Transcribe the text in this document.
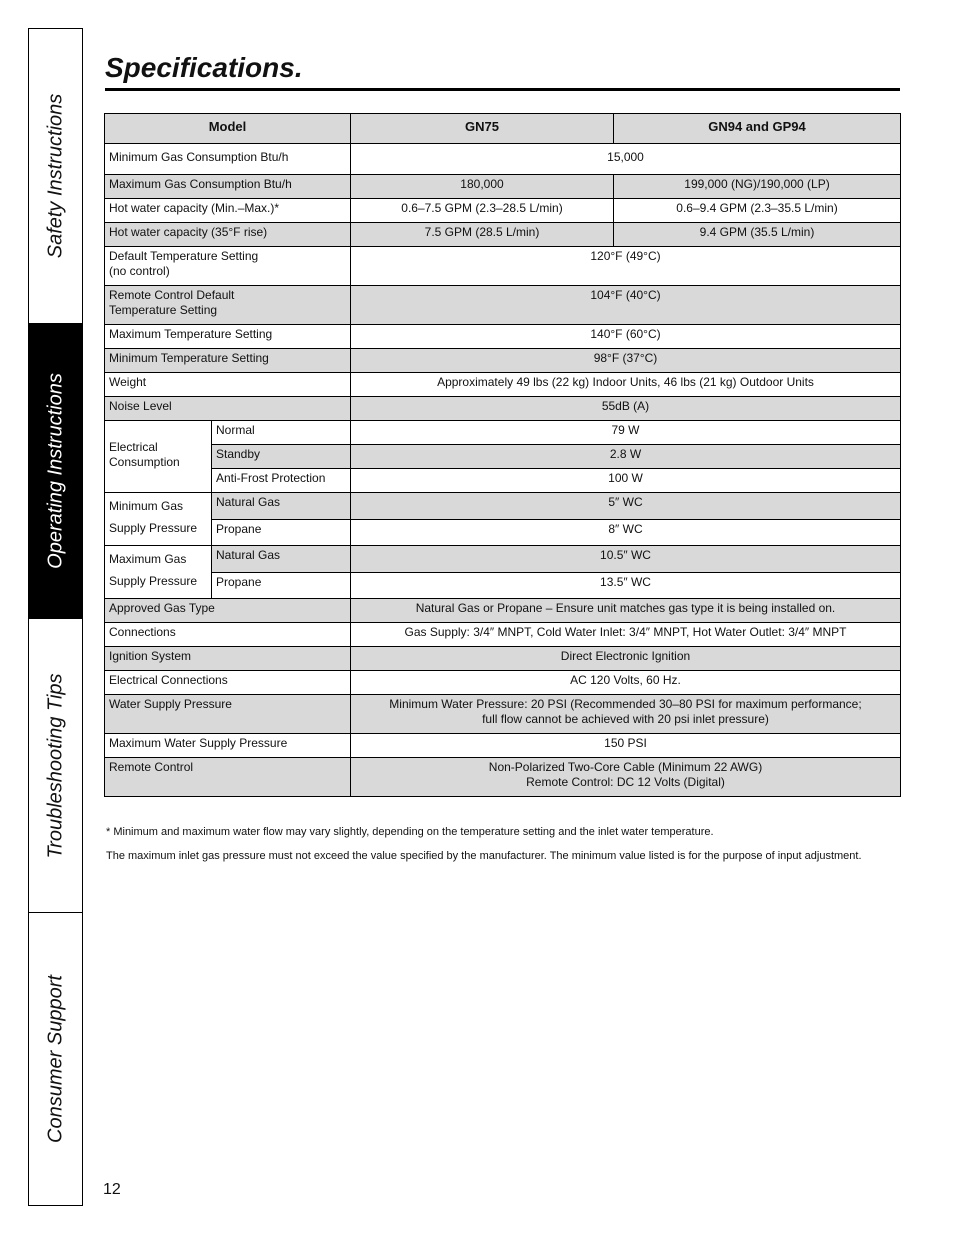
Safety Instructions
Operating Instructions
Troubleshooting Tips
Consumer Support
Specifications.
Model		GN75	GN94 and GP94
Minimum Gas Consumption Btu/h		15,000	
Maximum Gas Consumption Btu/h		180,000	199,000 (NG)/190,000 (LP)
Hot water capacity (Min.–Max.)*		0.6–7.5 GPM (2.3–28.5 L/min)	0.6–9.4 GPM (2.3–35.5 L/min)
Hot water capacity (35°F rise)		7.5 GPM (28.5 L/min)	9.4 GPM (35.5 L/min)
Default Temperature Setting
(no control)		120°F (49°C)	
Remote Control Default
Temperature Setting		104°F (40°C)	
Maximum Temperature Setting		140°F (60°C)	
Minimum Temperature Setting		98°F (37°C)	
Weight		Approximately 49 lbs (22 kg) Indoor Units, 46 lbs (21 kg) Outdoor Units	
Noise Level		55dB (A)	
Electrical
Consumption	Normal	79 W	
	Standby	2.8 W	
	Anti-Frost Protection	100 W	
Minimum Gas
Supply Pressure	Natural Gas	5″ WC	
	Propane	8″ WC	
Maximum Gas
Supply Pressure	Natural Gas	10.5″ WC	
	Propane	13.5″ WC	
Approved Gas Type		Natural Gas or Propane – Ensure unit matches gas type it is being installed on.	
Connections		Gas Supply: 3/4″ MNPT, Cold Water Inlet: 3/4″ MNPT, Hot Water Outlet: 3/4″ MNPT	
Ignition System		Direct Electronic Ignition	
Electrical Connections		AC 120 Volts, 60 Hz.	
Water Supply Pressure		Minimum Water Pressure: 20 PSI (Recommended 30–80 PSI for maximum performance;
full flow cannot be achieved with 20 psi inlet pressure)	
Maximum Water Supply Pressure		150 PSI	
Remote Control		Non-Polarized Two-Core Cable (Minimum 22 AWG)
Remote Control: DC 12 Volts (Digital)	

* Minimum and maximum water flow may vary slightly, depending on the temperature setting and the inlet water temperature.

The maximum inlet gas pressure must not exceed the value specified by the manufacturer. The minimum value listed is for the purpose of input adjustment.

12
